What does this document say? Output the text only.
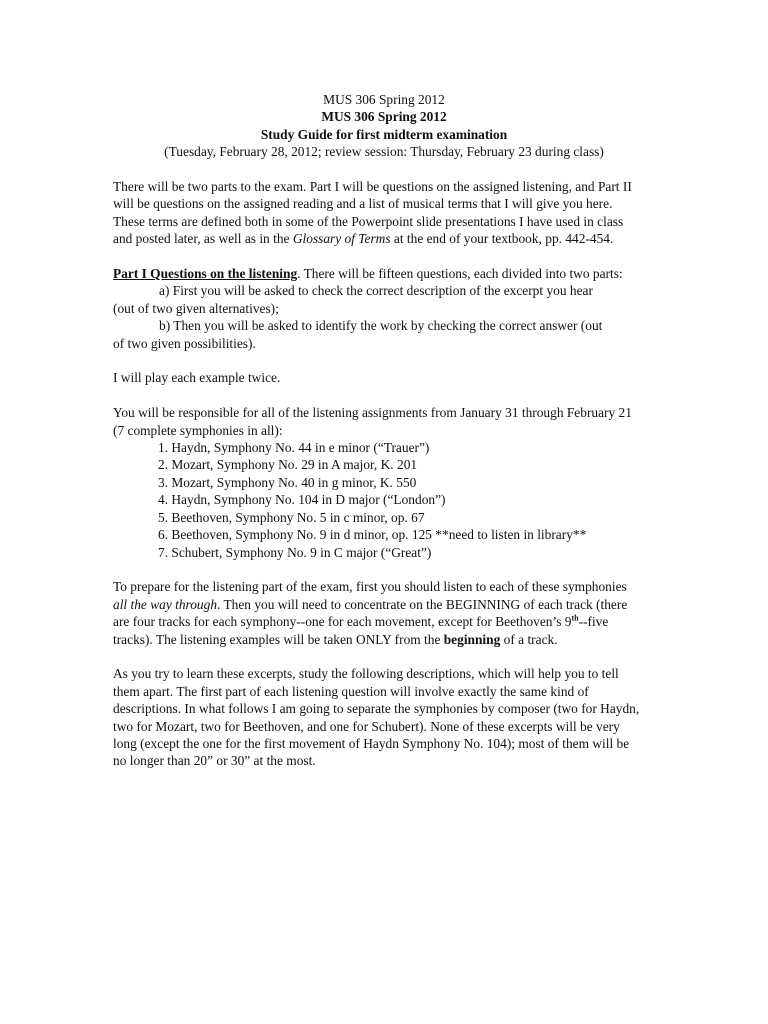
MUS 306 Spring 2012
MUS 306 Spring 2012
Study Guide for first midterm examination
(Tuesday, February 28, 2012; review session: Thursday, February 23 during class)

There will be two parts to the exam. Part I will be questions on the assigned listening, and Part II will be questions on the assigned reading and a list of musical terms that I will give you here. These terms are defined both in some of the Powerpoint slide presentations I have used in class and posted later, as well as in the Glossary of Terms at the end of your textbook, pp. 442-454.

Part I Questions on the listening. There will be fifteen questions, each divided into two parts:

a) First you will be asked to check the correct description of the excerpt you hear
(out of two given alternatives);

b) Then you will be asked to identify the work by checking the correct answer (out
of two given possibilities).

I will play each example twice.

You will be responsible for all of the listening assignments from January 31 through February 21 (7 complete symphonies in all):

1. Haydn, Symphony No. 44 in e minor (“Trauer”)
2. Mozart, Symphony No. 29 in A major, K. 201
3. Mozart, Symphony No. 40 in g minor, K. 550
4. Haydn, Symphony No. 104 in D major (“London”)
5. Beethoven, Symphony No. 5 in c minor, op. 67
6. Beethoven, Symphony No. 9 in d minor, op. 125 **need to listen in library**
7. Schubert, Symphony No. 9 in C major (“Great”)

To prepare for the listening part of the exam, first you should listen to each of these symphonies all the way through. Then you will need to concentrate on the BEGINNING of each track (there are four tracks for each symphony--one for each movement, except for Beethoven’s 9th--five tracks). The listening examples will be taken ONLY from the beginning of a track.

As you try to learn these excerpts, study the following descriptions, which will help you to tell them apart. The first part of each listening question will involve exactly the same kind of descriptions. In what follows I am going to separate the symphonies by composer (two for Haydn, two for Mozart, two for Beethoven, and one for Schubert). None of these excerpts will be very long (except the one for the first movement of Haydn Symphony No. 104); most of them will be no longer than 20” or 30” at the most.
